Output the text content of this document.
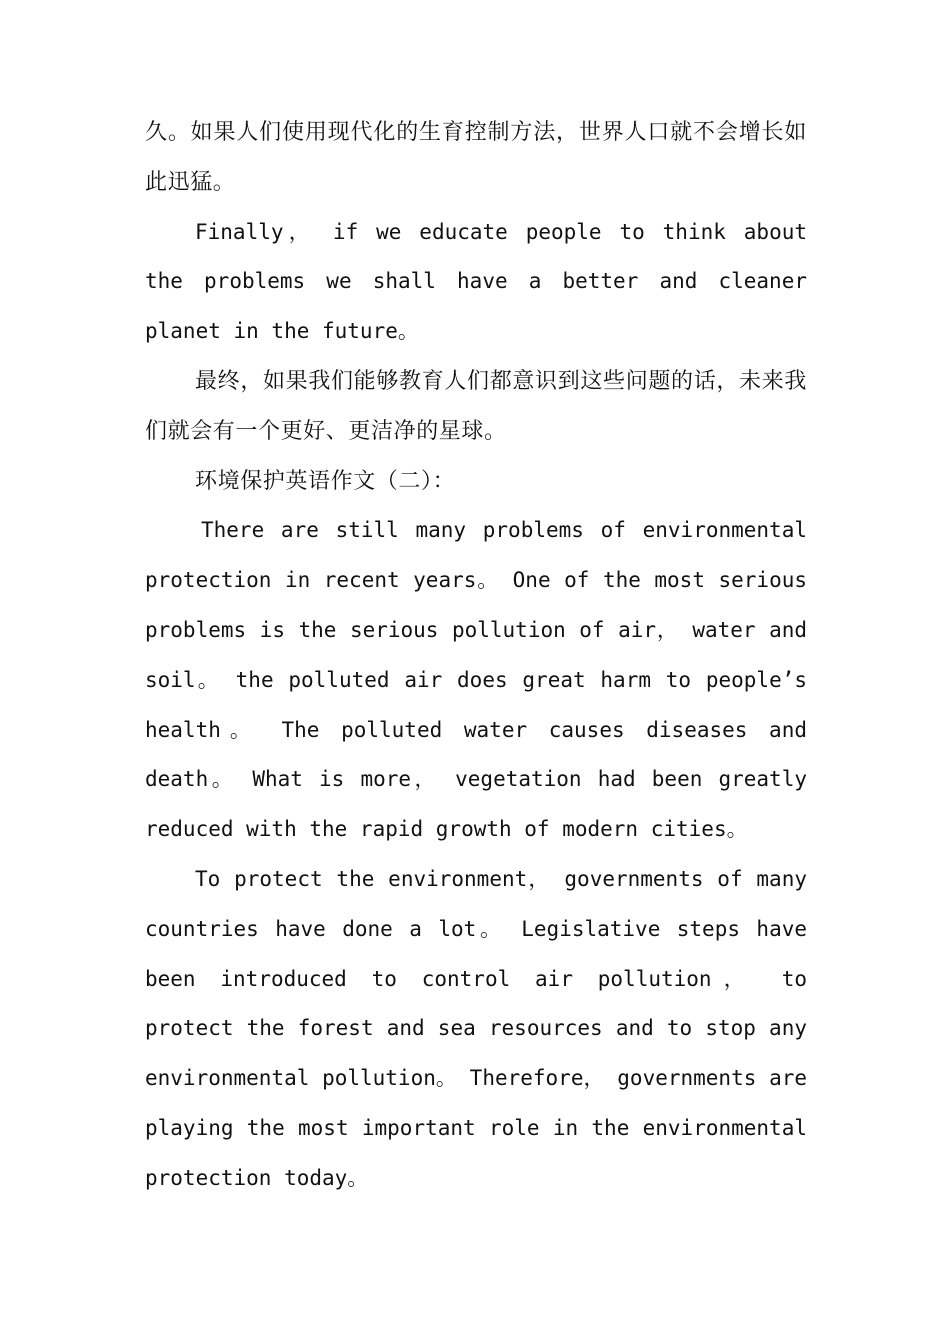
久。如果人们使用现代化的生育控制方法，世界人口就不会增长如此迅猛。

Finally， if we educate people to think about the problems we shall have a better and cleaner planet in the future。

最终，如果我们能够教育人们都意识到这些问题的话，未来我们就会有一个更好、更洁净的星球。

环境保护英语作文（二）：

There are still many problems of environmental protection in recent years。 One of the most serious problems is the serious pollution of air， water and soil。 the polluted air does great harm to people’s health。 The polluted water causes diseases and death。 What is more， vegetation had been greatly reduced with the rapid growth of modern cities。

To protect the environment， governments of many countries have done a lot。 Legislative steps have been introduced to control air pollution， to protect the forest and sea resources and to stop any environmental pollution。 Therefore， governments are playing the most important role in the environmental protection today。
